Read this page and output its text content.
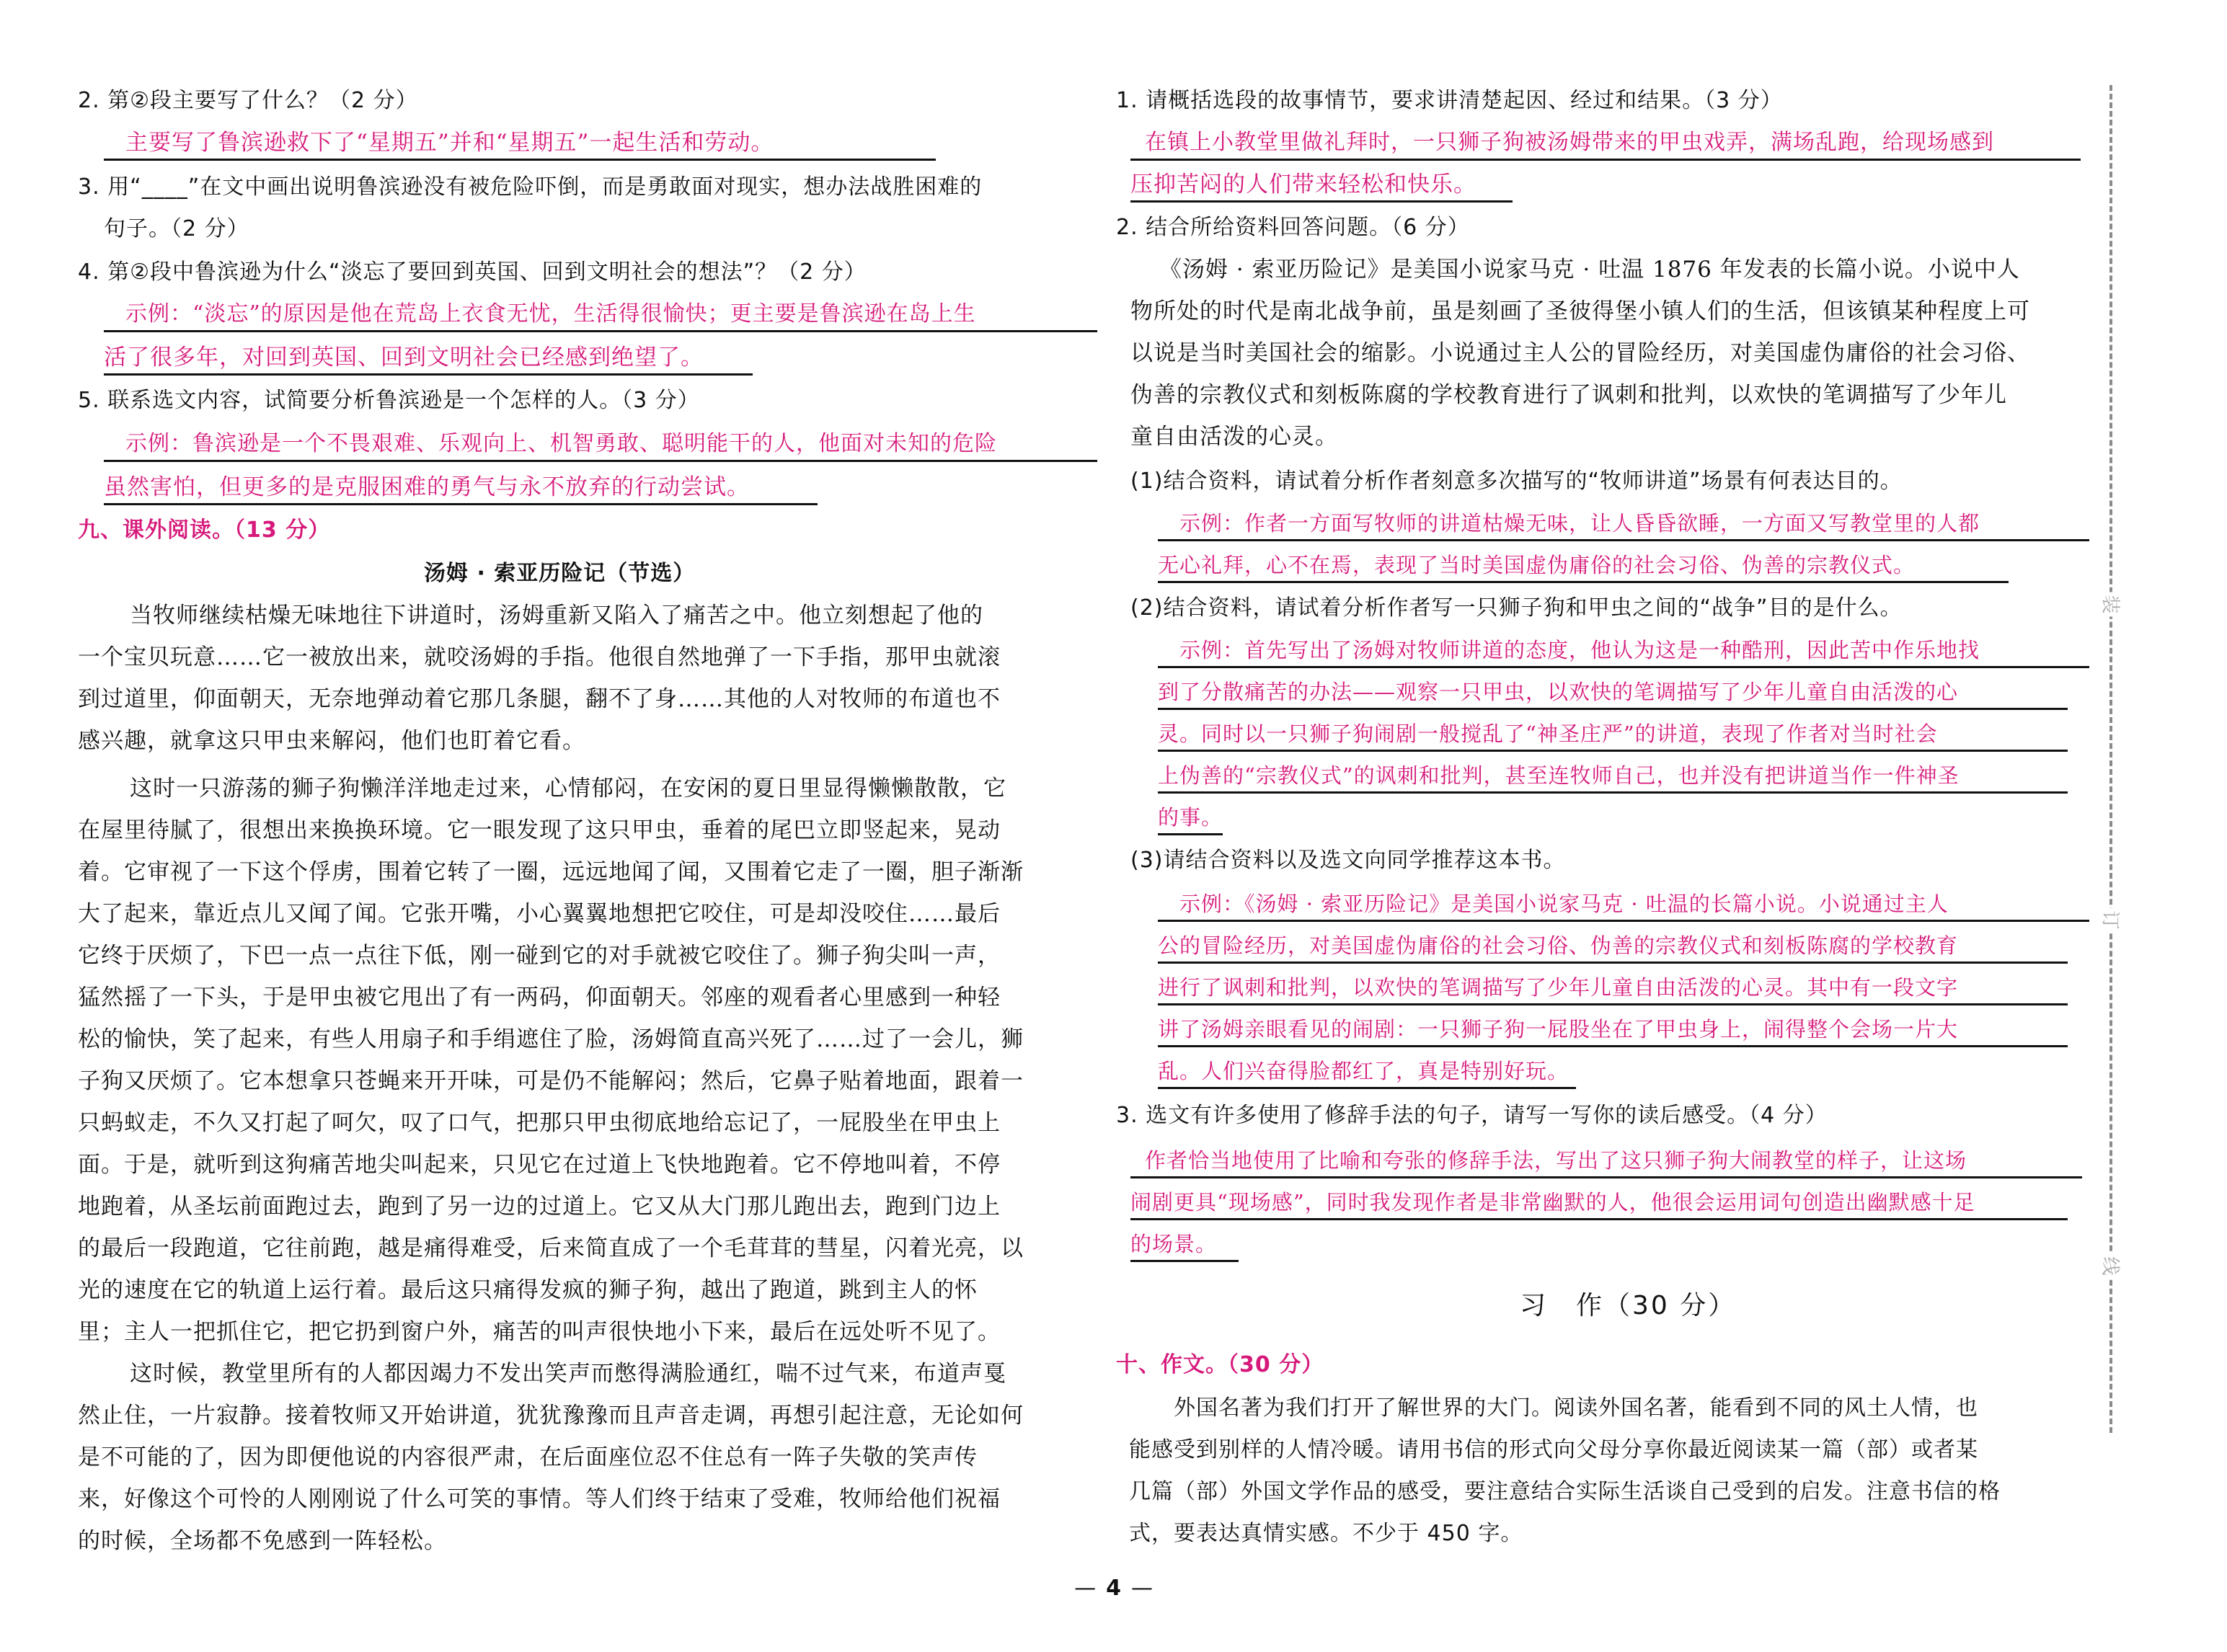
2. 第②段主要写了什么？（2 分）
主要写了鲁滨逊救下了“星期五”并和“星期五”一起生活和劳动。
3. 用“____”在文中画出说明鲁滨逊没有被危险吓倒，而是勇敢面对现实，想办法战胜困难的
句子。（2 分）
4. 第②段中鲁滨逊为什么“淡忘了要回到英国、回到文明社会的想法”？（2 分）
示例：“淡忘”的原因是他在荒岛上衣食无忧，生活得很愉快；更主要是鲁滨逊在岛上生
活了很多年，对回到英国、回到文明社会已经感到绝望了。
5. 联系选文内容，试简要分析鲁滨逊是一个怎样的人。（3 分）
示例：鲁滨逊是一个不畏艰难、乐观向上、机智勇敢、聪明能干的人，他面对未知的危险
虽然害怕，但更多的是克服困难的勇气与永不放弃的行动尝试。
九、课外阅读。（13 分）
汤姆 · 索亚历险记（节选）
当牧师继续枯燥无味地往下讲道时，汤姆重新又陷入了痛苦之中。他立刻想起了他的
一个宝贝玩意……它一被放出来，就咬汤姆的手指。他很自然地弹了一下手指，那甲虫就滚
到过道里，仰面朝天，无奈地弹动着它那几条腿，翻不了身……其他的人对牧师的布道也不
感兴趣，就拿这只甲虫来解闷，他们也盯着它看。
这时一只游荡的狮子狗懒洋洋地走过来，心情郁闷，在安闲的夏日里显得懒懒散散，它
在屋里待腻了，很想出来换换环境。它一眼发现了这只甲虫，垂着的尾巴立即竖起来，晃动
着。它审视了一下这个俘虏，围着它转了一圈，远远地闻了闻，又围着它走了一圈，胆子渐渐
大了起来，靠近点儿又闻了闻。它张开嘴，小心翼翼地想把它咬住，可是却没咬住……最后
它终于厌烦了，下巴一点一点往下低，刚一碰到它的对手就被它咬住了。狮子狗尖叫一声，
猛然摇了一下头，于是甲虫被它甩出了有一两码，仰面朝天。邻座的观看者心里感到一种轻
松的愉快，笑了起来，有些人用扇子和手绢遮住了脸，汤姆简直高兴死了……过了一会儿，狮
子狗又厌烦了。它本想拿只苍蝇来开开味，可是仍不能解闷；然后，它鼻子贴着地面，跟着一
只蚂蚁走，不久又打起了呵欠，叹了口气，把那只甲虫彻底地给忘记了，一屁股坐在甲虫上
面。于是，就听到这狗痛苦地尖叫起来，只见它在过道上飞快地跑着。它不停地叫着，不停
地跑着，从圣坛前面跑过去，跑到了另一边的过道上。它又从大门那儿跑出去，跑到门边上
的最后一段跑道，它往前跑，越是痛得难受，后来简直成了一个毛茸茸的彗星，闪着光亮，以
光的速度在它的轨道上运行着。最后这只痛得发疯的狮子狗，越出了跑道，跳到主人的怀
里；主人一把抓住它，把它扔到窗户外，痛苦的叫声很快地小下来，最后在远处听不见了。
这时候，教堂里所有的人都因竭力不发出笑声而憋得满脸通红，喘不过气来，布道声戛
然止住，一片寂静。接着牧师又开始讲道，犹犹豫豫而且声音走调，再想引起注意，无论如何
是不可能的了，因为即便他说的内容很严肃，在后面座位忍不住总有一阵子失敬的笑声传
来，好像这个可怜的人刚刚说了什么可笑的事情。等人们终于结束了受难，牧师给他们祝福
的时候，全场都不免感到一阵轻松。
1. 请概括选段的故事情节，要求讲清楚起因、经过和结果。（3 分）
在镇上小教堂里做礼拜时，一只狮子狗被汤姆带来的甲虫戏弄，满场乱跑，给现场感到
压抑苦闷的人们带来轻松和快乐。
2. 结合所给资料回答问题。（6 分）
《汤姆 · 索亚历险记》是美国小说家马克 · 吐温 1876 年发表的长篇小说。小说中人
物所处的时代是南北战争前，虽是刻画了圣彼得堡小镇人们的生活，但该镇某种程度上可
以说是当时美国社会的缩影。小说通过主人公的冒险经历，对美国虚伪庸俗的社会习俗、
伪善的宗教仪式和刻板陈腐的学校教育进行了讽刺和批判，以欢快的笔调描写了少年儿
童自由活泼的心灵。
(1)结合资料，请试着分析作者刻意多次描写的“牧师讲道”场景有何表达目的。
示例：作者一方面写牧师的讲道枯燥无味，让人昏昏欲睡，一方面又写教堂里的人都
无心礼拜，心不在焉，表现了当时美国虚伪庸俗的社会习俗、伪善的宗教仪式。
(2)结合资料，请试着分析作者写一只狮子狗和甲虫之间的“战争”目的是什么。
示例：首先写出了汤姆对牧师讲道的态度，他认为这是一种酷刑，因此苦中作乐地找
到了分散痛苦的办法——观察一只甲虫，以欢快的笔调描写了少年儿童自由活泼的心
灵。同时以一只狮子狗闹剧一般搅乱了“神圣庄严”的讲道，表现了作者对当时社会
上伪善的“宗教仪式”的讽刺和批判，甚至连牧师自己，也并没有把讲道当作一件神圣
的事。
(3)请结合资料以及选文向同学推荐这本书。
示例：《汤姆 · 索亚历险记》是美国小说家马克 · 吐温的长篇小说。小说通过主人
公的冒险经历，对美国虚伪庸俗的社会习俗、伪善的宗教仪式和刻板陈腐的学校教育
进行了讽刺和批判，以欢快的笔调描写了少年儿童自由活泼的心灵。其中有一段文字
讲了汤姆亲眼看见的闹剧：一只狮子狗一屁股坐在了甲虫身上，闹得整个会场一片大
乱。人们兴奋得脸都红了，真是特别好玩。
3. 选文有许多使用了修辞手法的句子，请写一写你的读后感受。（4 分）
作者恰当地使用了比喻和夸张的修辞手法，写出了这只狮子狗大闹教堂的样子，让这场
闹剧更具“现场感”，同时我发现作者是非常幽默的人，他很会运用词句创造出幽默感十足
的场景。
习　作（30 分）
十、作文。（30 分）
外国名著为我们打开了解世界的大门。阅读外国名著，能看到不同的风土人情，也
能感受到别样的人情冷暖。请用书信的形式向父母分享你最近阅读某一篇（部）或者某
几篇（部）外国文学作品的感受，要注意结合实际生活谈自己受到的启发。注意书信的格
式，要表达真情实感。不少于 450 字。
装
订
线
— 4 —
